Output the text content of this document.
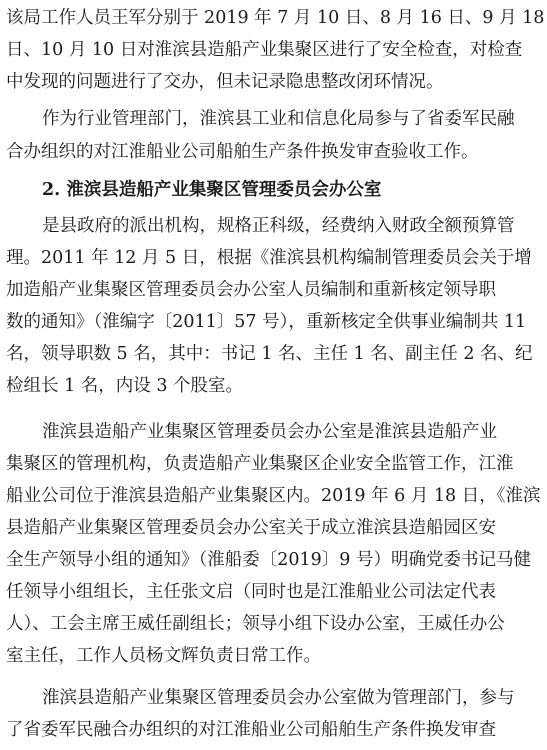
该局工作人员王军分别于 2019 年 7 月 10 日、8 月 16 日、9 月 18
日、10 月 10 日对淮滨县造船产业集聚区进行了安全检查，对检查
中发现的问题进行了交办，但未记录隐患整改闭环情况。
作为行业管理部门，淮滨县工业和信息化局参与了省委军民融
合办组织的对江淮船业公司船舶生产条件换发审查验收工作。
2. 淮滨县造船产业集聚区管理委员会办公室
是县政府的派出机构，规格正科级，经费纳入财政全额预算管
理。2011 年 12 月 5 日，根据《淮滨县机构编制管理委员会关于增
加造船产业集聚区管理委员会办公室人员编制和重新核定领导职
数的通知》（淮编字〔2011〕57 号），重新核定全供事业编制共 11
名，领导职数 5 名，其中：书记 1 名、主任 1 名、副主任 2 名、纪
检组长 1 名，内设 3 个股室。
淮滨县造船产业集聚区管理委员会办公室是淮滨县造船产业
集聚区的管理机构，负责造船产业集聚区企业安全监管工作，江淮
船业公司位于淮滨县造船产业集聚区内。2019 年 6 月 18 日，《淮滨
县造船产业集聚区管理委员会办公室关于成立淮滨县造船园区安
全生产领导小组的通知》（淮船委〔2019〕9 号）明确党委书记马健
任领导小组组长，主任张文启（同时也是江淮船业公司法定代表
人）、工会主席王威任副组长；领导小组下设办公室，王威任办公
室主任，工作人员杨文辉负责日常工作。
淮滨县造船产业集聚区管理委员会办公室做为管理部门，参与
了省委军民融合办组织的对江淮船业公司船舶生产条件换发审查
